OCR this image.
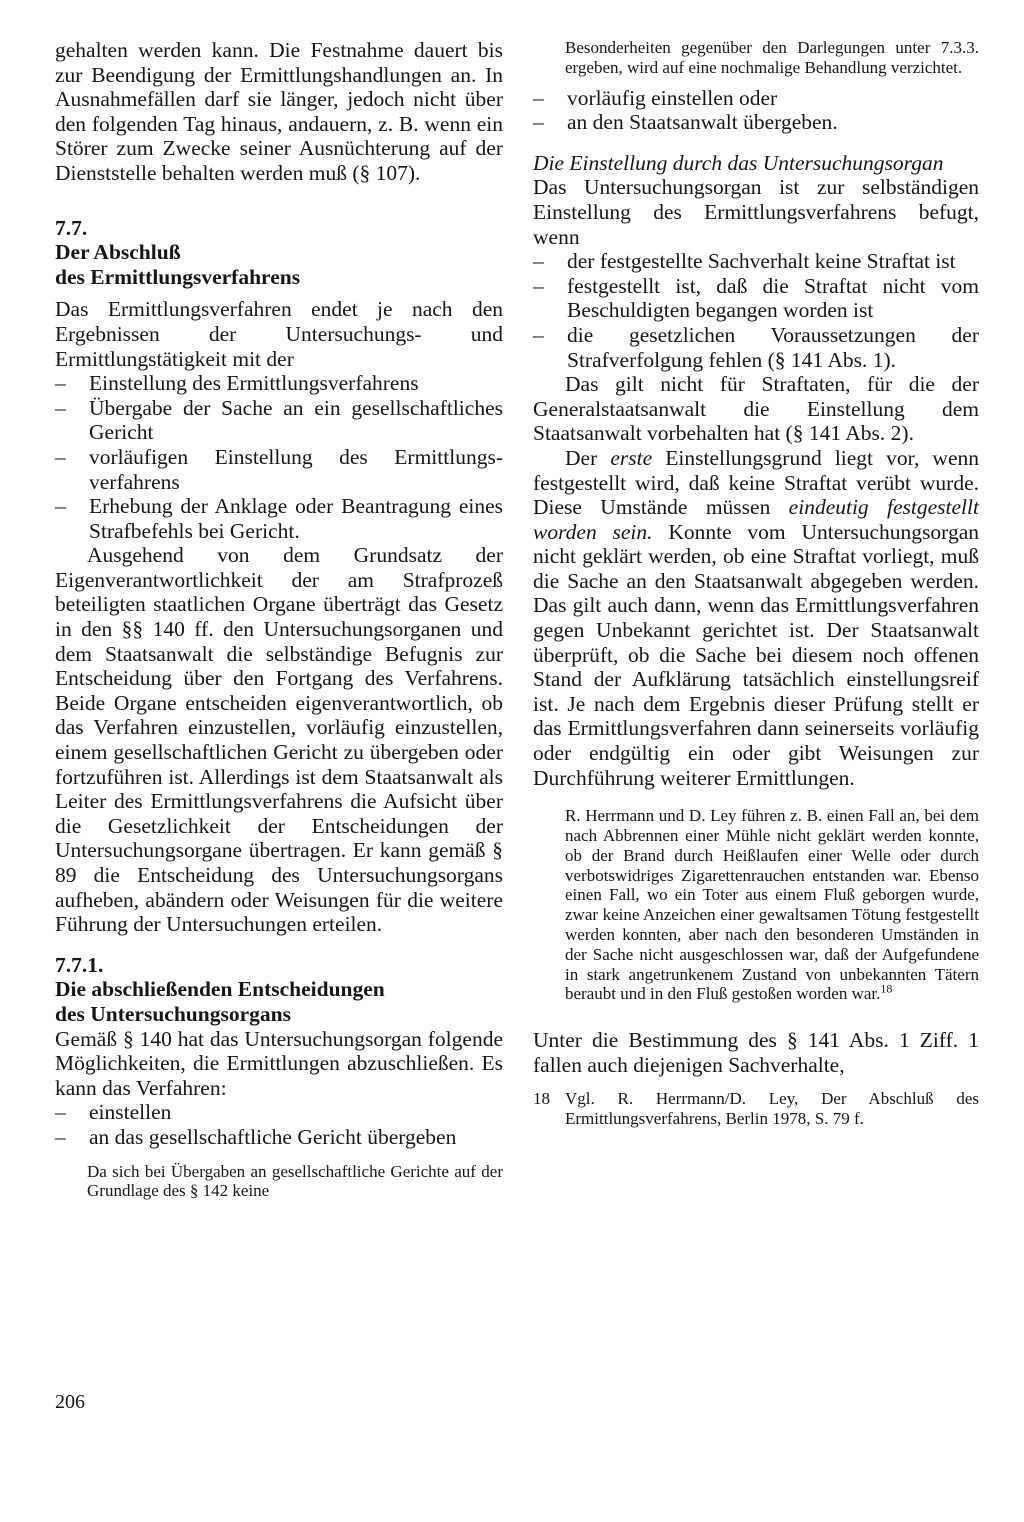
gehalten werden kann. Die Festnahme dauert bis zur Beendigung der Ermittlungshandlungen an. In Ausnahmefällen darf sie länger, jedoch nicht über den folgenden Tag hinaus, andauern, z. B. wenn ein Störer zum Zwecke seiner Ausnüchterung auf der Dienststelle behalten werden muß (§ 107).

7.7.
Der Abschluß
des Ermittlungsverfahrens

Das Ermittlungsverfahren endet je nach den Ergebnissen der Untersuchungs- und Ermittlungstätigkeit mit der

– Einstellung des Ermittlungsverfahrens
– Übergabe der Sache an ein gesellschaftliches Gericht
– vorläufigen Einstellung des Ermittlungsverfahrens
– Erhebung der Anklage oder Beantragung eines Strafbefehls bei Gericht.

Ausgehend von dem Grundsatz der Eigenverantwortlichkeit der am Strafprozeß beteiligten staatlichen Organe überträgt das Gesetz in den §§ 140 ff. den Untersuchungsorganen und dem Staatsanwalt die selbständige Befugnis zur Entscheidung über den Fortgang des Verfahrens. Beide Organe entscheiden eigenverantwortlich, ob das Verfahren einzustellen, vorläufig einzustellen, einem gesellschaftlichen Gericht zu übergeben oder fortzuführen ist. Allerdings ist dem Staatsanwalt als Leiter des Ermittlungsverfahrens die Aufsicht über die Gesetzlichkeit der Entscheidungen der Untersuchungsorgane übertragen. Er kann gemäß § 89 die Entscheidung des Untersuchungsorgans aufheben, abändern oder Weisungen für die weitere Führung der Untersuchungen erteilen.

7.7.1.
Die abschließenden Entscheidungen
des Untersuchungsorgans

Gemäß § 140 hat das Untersuchungsorgan folgende Möglichkeiten, die Ermittlungen abzuschließen. Es kann das Verfahren:

– einstellen
– an das gesellschaftliche Gericht übergeben

Da sich bei Übergaben an gesellschaftliche Gerichte auf der Grundlage des § 142 keine

Besonderheiten gegenüber den Darlegungen unter 7.3.3. ergeben, wird auf eine nochmalige Behandlung verzichtet.

– vorläufig einstellen oder
– an den Staatsanwalt übergeben.

Die Einstellung durch das Untersuchungsorgan

Das Untersuchungsorgan ist zur selbständigen Einstellung des Ermittlungsverfahrens befugt, wenn

– der festgestellte Sachverhalt keine Straftat ist
– festgestellt ist, daß die Straftat nicht vom Beschuldigten begangen worden ist
– die gesetzlichen Voraussetzungen der Strafverfolgung fehlen (§ 141 Abs. 1).

Das gilt nicht für Straftaten, für die der Generalstaatsanwalt die Einstellung dem Staatsanwalt vorbehalten hat (§ 141 Abs. 2).

Der erste Einstellungsgrund liegt vor, wenn festgestellt wird, daß keine Straftat verübt wurde. Diese Umstände müssen eindeutig festgestellt worden sein. Konnte vom Untersuchungsorgan nicht geklärt werden, ob eine Straftat vorliegt, muß die Sache an den Staatsanwalt abgegeben werden. Das gilt auch dann, wenn das Ermittlungsverfahren gegen Unbekannt gerichtet ist. Der Staatsanwalt überprüft, ob die Sache bei diesem noch offenen Stand der Aufklärung tatsächlich einstellungsreif ist. Je nach dem Ergebnis dieser Prüfung stellt er das Ermittlungsverfahren dann seinerseits vorläufig oder endgültig ein oder gibt Weisungen zur Durchführung weiterer Ermittlungen.

R. Herrmann und D. Ley führen z. B. einen Fall an, bei dem nach Abbrennen einer Mühle nicht geklärt werden konnte, ob der Brand durch Heißlaufen einer Welle oder durch verbotswidriges Zigarettenrauchen entstanden war. Ebenso einen Fall, wo ein Toter aus einem Fluß geborgen wurde, zwar keine Anzeichen einer gewaltsamen Tötung festgestellt werden konnten, aber nach den besonderen Umständen in der Sache nicht ausgeschlossen war, daß der Aufgefundene in stark angetrunkenem Zustand von unbekannten Tätern beraubt und in den Fluß gestoßen worden war.$^{18}$

Unter die Bestimmung des § 141 Abs. 1 Ziff. 1 fallen auch diejenigen Sachverhalte,

18 Vgl. R. Herrmann/D. Ley, Der Abschluß des Ermittlungsverfahrens, Berlin 1978, S. 79 f.

206
